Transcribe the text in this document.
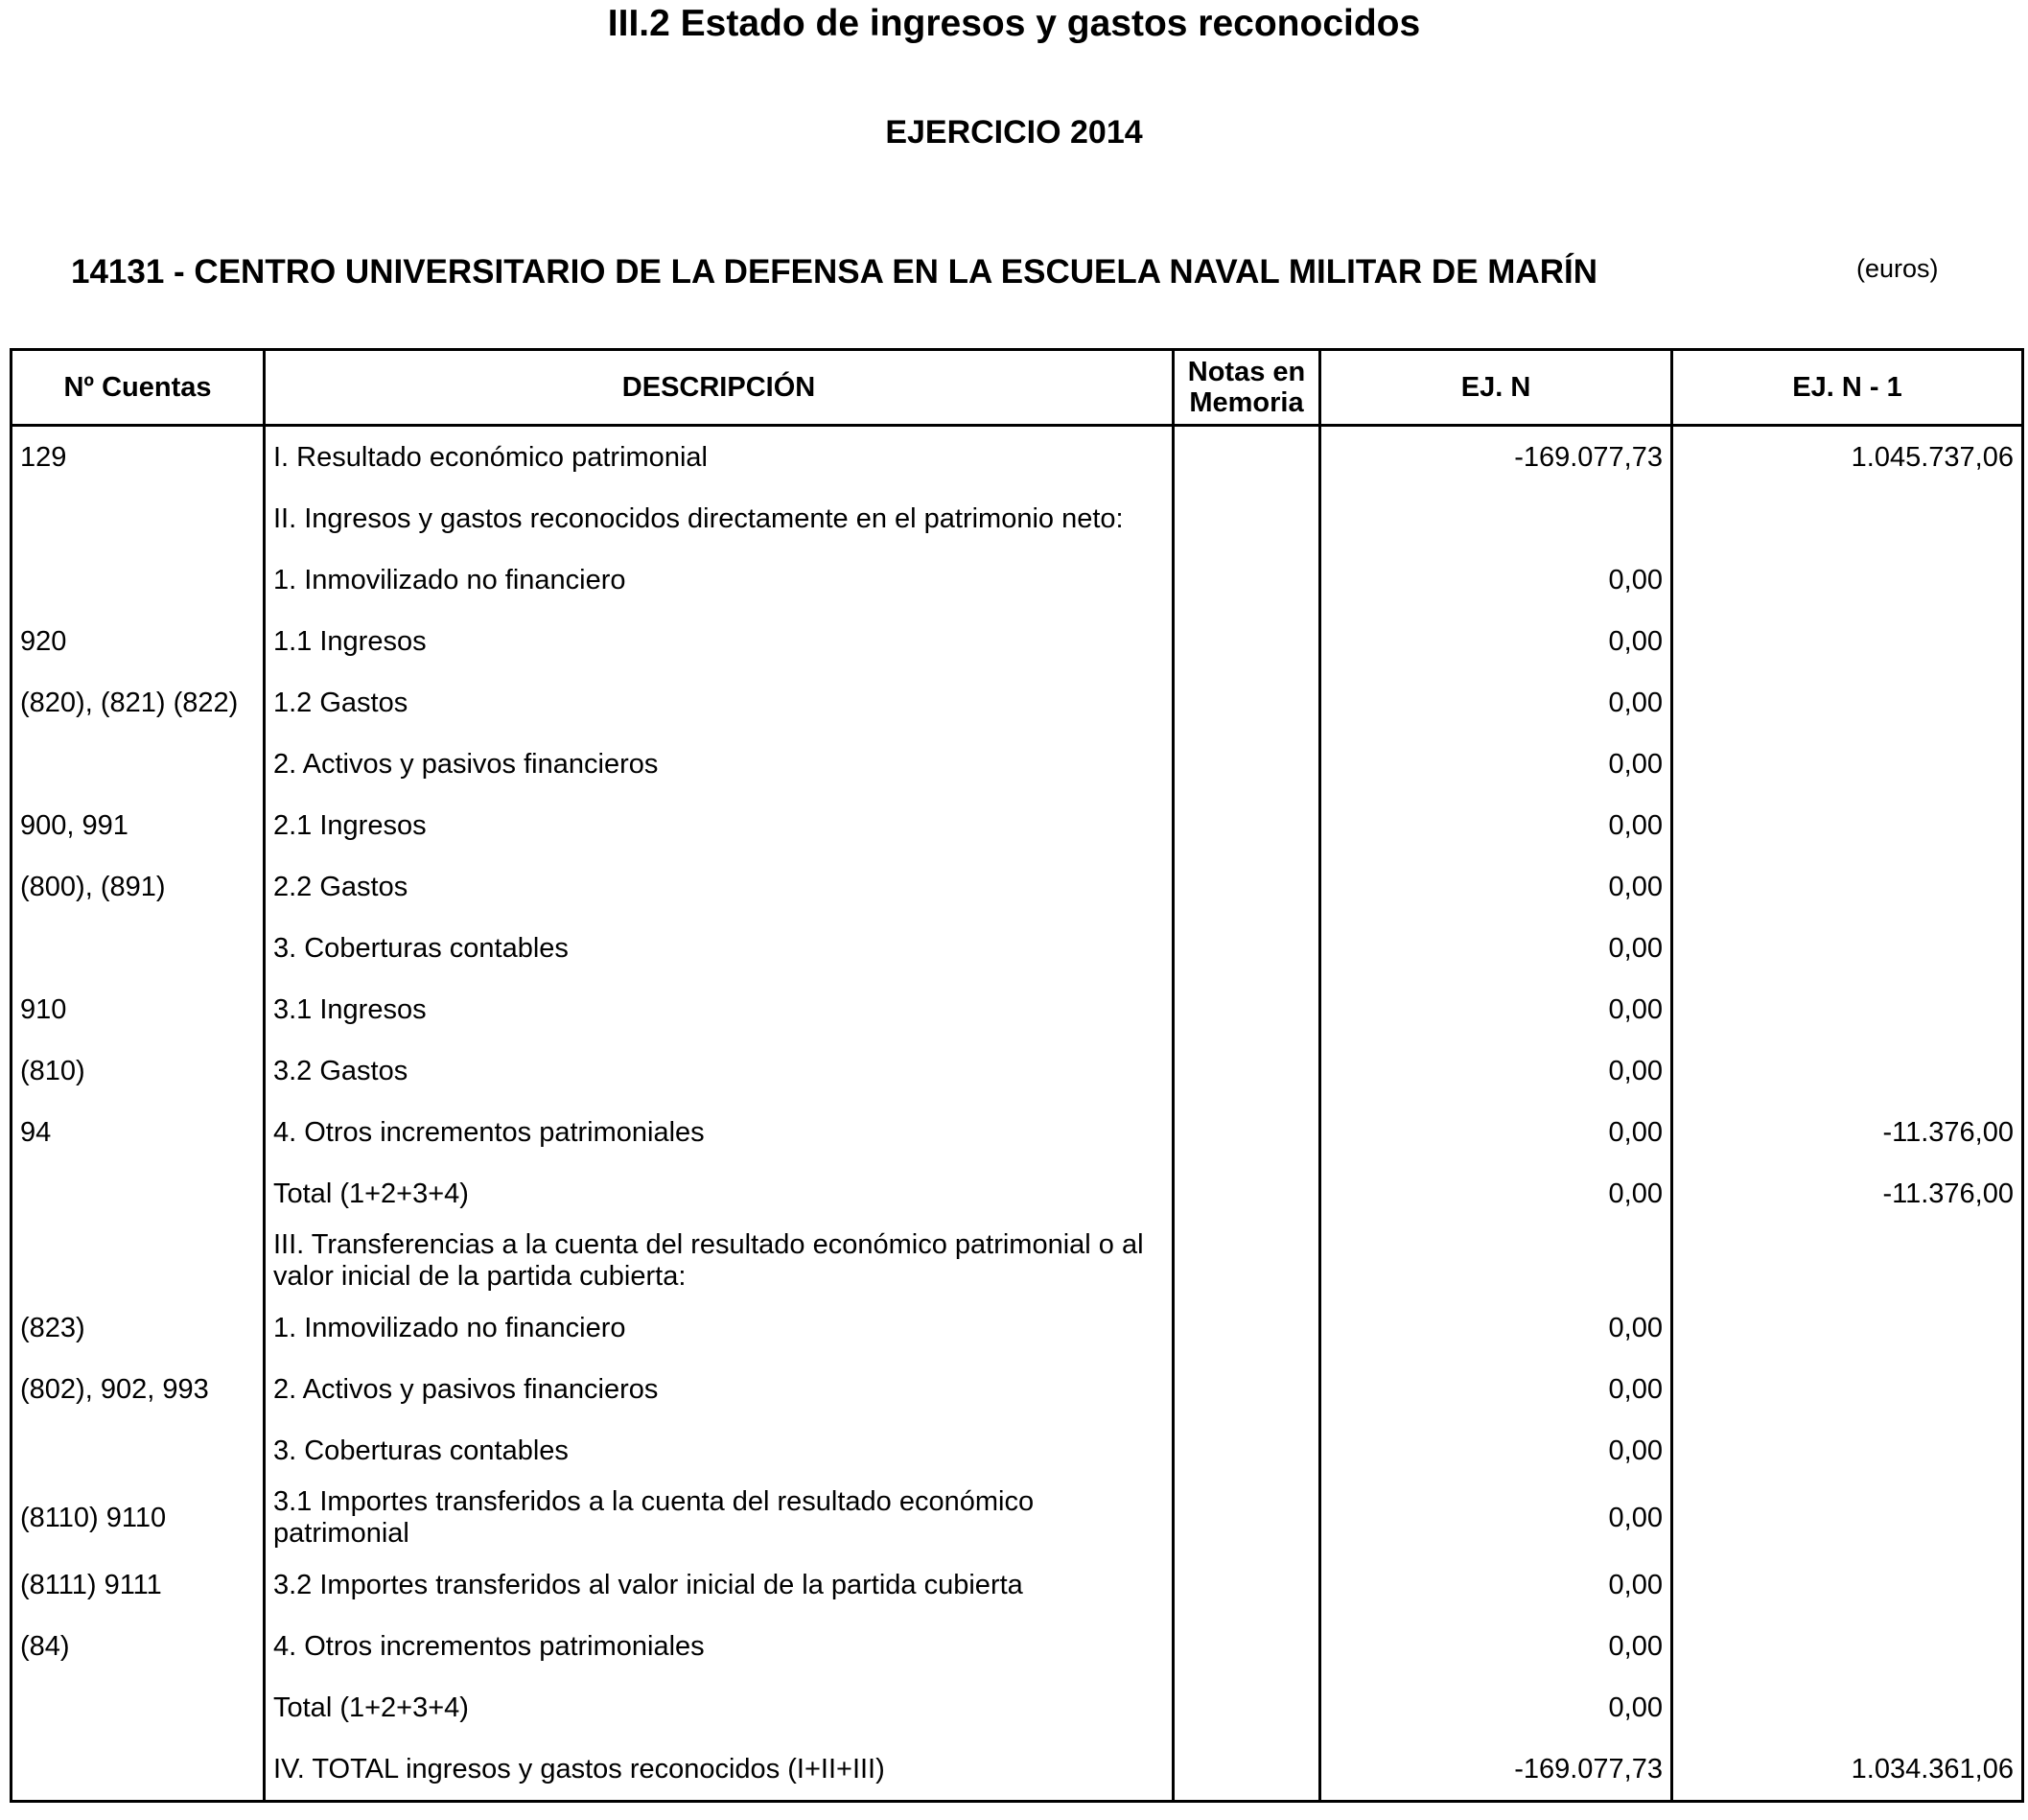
III.2 Estado de ingresos y gastos reconocidos
EJERCICIO 2014
14131 - CENTRO UNIVERSITARIO DE LA DEFENSA EN LA ESCUELA NAVAL MILITAR DE MARÍN	(euros)
Nº Cuentas	DESCRIPCIÓN	Notas en Memoria	EJ. N	EJ. N - 1
129	I. Resultado económico patrimonial		-169.077,73	1.045.737,06
	II. Ingresos y gastos reconocidos directamente en el patrimonio neto:			
	1. Inmovilizado no financiero		0,00	
920	1.1 Ingresos		0,00	
(820), (821) (822)	1.2 Gastos		0,00	
	2. Activos y pasivos financieros		0,00	
900, 991	2.1 Ingresos		0,00	
(800), (891)	2.2 Gastos		0,00	
	3. Coberturas contables		0,00	
910	3.1 Ingresos		0,00	
(810)	3.2 Gastos		0,00	
94	4. Otros incrementos patrimoniales		0,00	-11.376,00
	Total (1+2+3+4)		0,00	-11.376,00
	III. Transferencias a la cuenta del resultado económico patrimonial o al valor inicial de la partida cubierta:			
(823)	1. Inmovilizado no financiero		0,00	
(802), 902, 993	2. Activos y pasivos financieros		0,00	
	3. Coberturas contables		0,00	
(8110) 9110	3.1 Importes transferidos a la cuenta del resultado económico patrimonial		0,00	
(8111) 9111	3.2 Importes transferidos al valor inicial de la partida cubierta		0,00	
(84)	4. Otros incrementos patrimoniales		0,00	
	Total (1+2+3+4)		0,00	
	IV. TOTAL ingresos y gastos reconocidos (I+II+III)		-169.077,73	1.034.361,06
